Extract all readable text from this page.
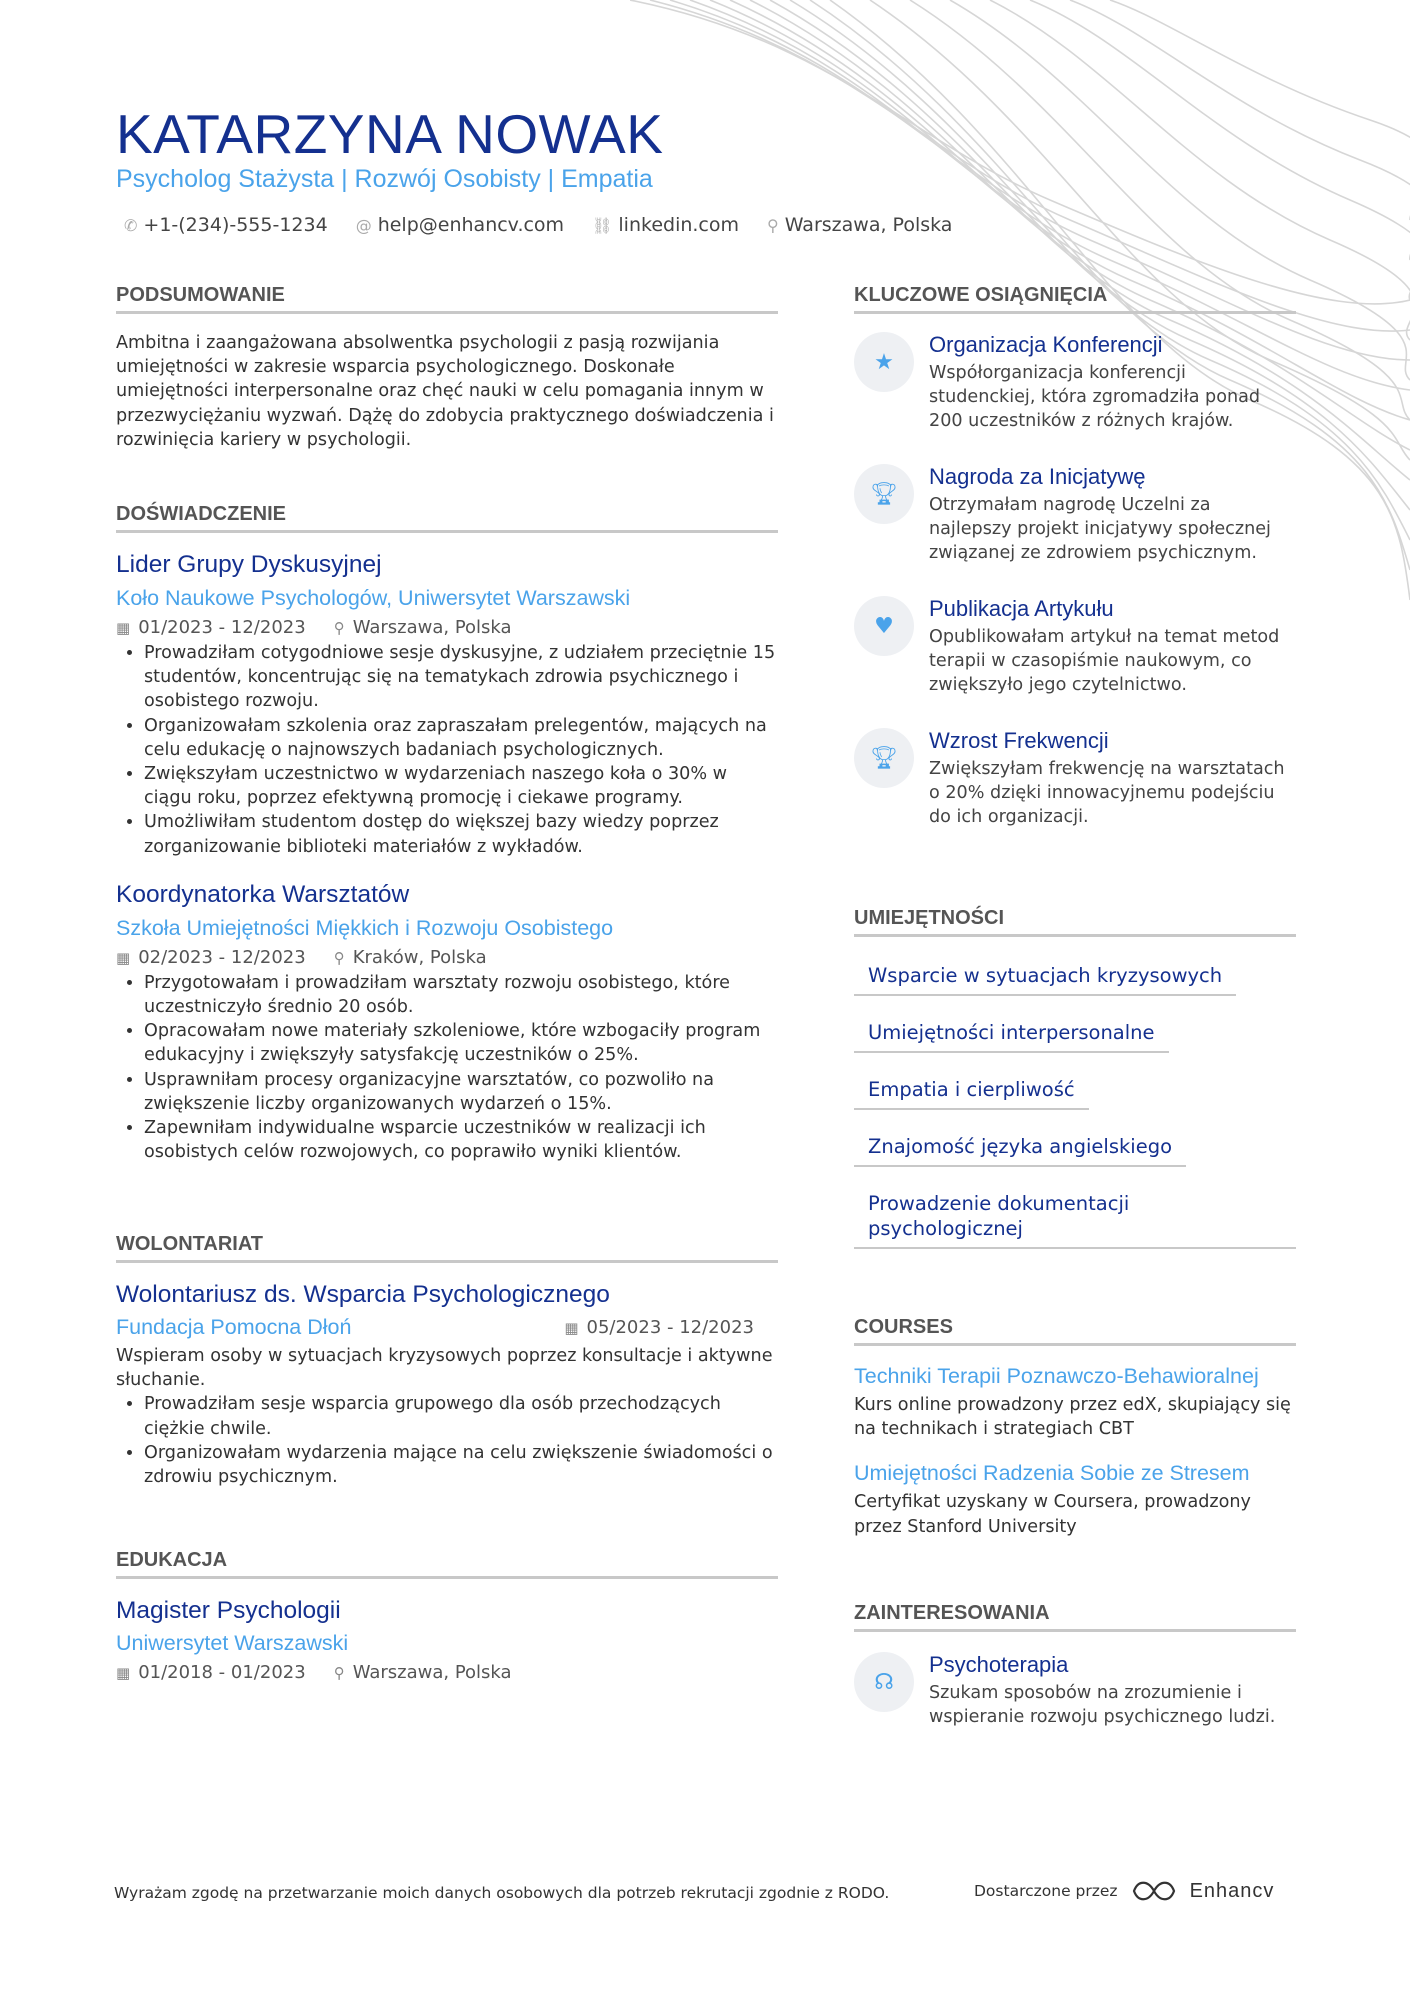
KATARZYNA NOWAK
Psycholog Stażysta | Rozwój Osobisty | Empatia
✆ +1-(234)-555-1234 @ help@enhancv.com ⛓ linkedin.com ⚲ Warszawa, Polska
PODSUMOWANIE
Ambitna i zaangażowana absolwentka psychologii z pasją rozwijania umiejętności w zakresie wsparcia psychologicznego. Doskonałe umiejętności interpersonalne oraz chęć nauki w celu pomagania innym w przezwyciężaniu wyzwań. Dążę do zdobycia praktycznego doświadczenia i rozwinięcia kariery w psychologii.
DOŚWIADCZENIE
Lider Grupy Dyskusyjnej
Koło Naukowe Psychologów, Uniwersytet Warszawski
▦ 01/2023 - 12/2023 ⚲ Warszawa, Polska
• Prowadziłam cotygodniowe sesje dyskusyjne, z udziałem przeciętnie 15 studentów, koncentrując się na tematykach zdrowia psychicznego i osobistego rozwoju.
• Organizowałam szkolenia oraz zapraszałam prelegentów, mających na celu edukację o najnowszych badaniach psychologicznych.
• Zwiększyłam uczestnictwo w wydarzeniach naszego koła o 30% w ciągu roku, poprzez efektywną promocję i ciekawe programy.
• Umożliwiłam studentom dostęp do większej bazy wiedzy poprzez zorganizowanie biblioteki materiałów z wykładów.
Koordynatorka Warsztatów
Szkoła Umiejętności Miękkich i Rozwoju Osobistego
▦ 02/2023 - 12/2023 ⚲ Kraków, Polska
• Przygotowałam i prowadziłam warsztaty rozwoju osobistego, które uczestniczyło średnio 20 osób.
• Opracowałam nowe materiały szkoleniowe, które wzbogaciły program edukacyjny i zwiększyły satysfakcję uczestników o 25%.
• Usprawniłam procesy organizacyjne warsztatów, co pozwoliło na zwiększenie liczby organizowanych wydarzeń o 15%.
• Zapewniłam indywidualne wsparcie uczestników w realizacji ich osobistych celów rozwojowych, co poprawiło wyniki klientów.
WOLONTARIAT
Wolontariusz ds. Wsparcia Psychologicznego
Fundacja Pomocna Dłoń	▦ 05/2023 - 12/2023
Wspieram osoby w sytuacjach kryzysowych poprzez konsultacje i aktywne słuchanie.
• Prowadziłam sesje wsparcia grupowego dla osób przechodzących ciężkie chwile.
• Organizowałam wydarzenia mające na celu zwiększenie świadomości o zdrowiu psychicznym.
EDUKACJA
Magister Psychologii
Uniwersytet Warszawski
▦ 01/2018 - 01/2023 ⚲ Warszawa, Polska
KLUCZOWE OSIĄGNIĘCIA
★
Organizacja Konferencji
Współorganizacja konferencji studenckiej, która zgromadziła ponad 200 uczestników z różnych krajów.
🏆︎
Nagroda za Inicjatywę
Otrzymałam nagrodę Uczelni za najlepszy projekt inicjatywy społecznej związanej ze zdrowiem psychicznym.
♥
Publikacja Artykułu
Opublikowałam artykuł na temat metod terapii w czasopiśmie naukowym, co zwiększyło jego czytelnictwo.
🏆︎
Wzrost Frekwencji
Zwiększyłam frekwencję na warsztatach o 20% dzięki innowacyjnemu podejściu do ich organizacji.
UMIEJĘTNOŚCI
Wsparcie w sytuacjach kryzysowych
Umiejętności interpersonalne
Empatia i cierpliwość
Znajomość języka angielskiego
Prowadzenie dokumentacji psychologicznej
COURSES
Techniki Terapii Poznawczo-Behawioralnej
Kurs online prowadzony przez edX, skupiający się na technikach i strategiach CBT
Umiejętności Radzenia Sobie ze Stresem
Certyfikat uzyskany w Coursera, prowadzony przez Stanford University
ZAINTERESOWANIA
☊
Psychoterapia
Szukam sposobów na zrozumienie i wspieranie rozwoju psychicznego ludzi.
Wyrażam zgodę na przetwarzanie moich danych osobowych dla potrzeb rekrutacji zgodnie z RODO.	Dostarczone przez	Enhancv
